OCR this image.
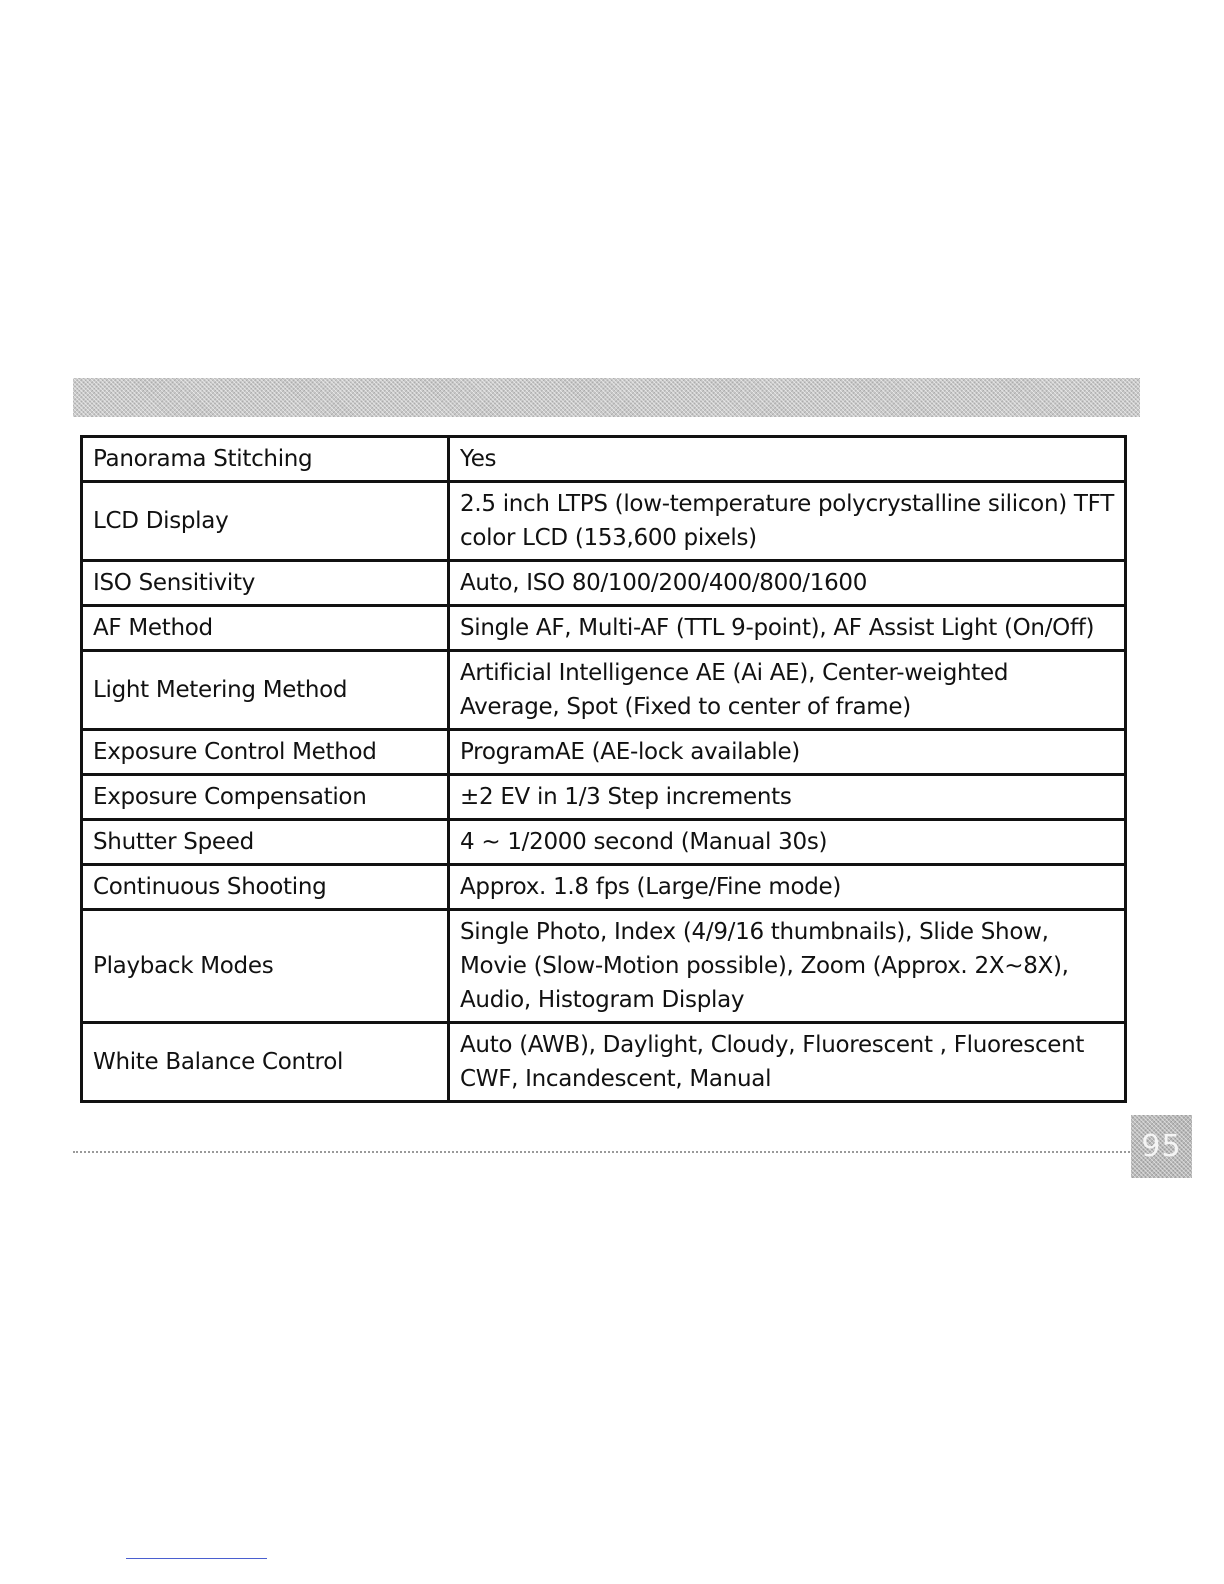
Panorama Stitching	Yes
LCD Display	2.5 inch LTPS (low-temperature polycrystalline silicon) TFT color LCD (153,600 pixels)
ISO Sensitivity	Auto, ISO 80/100/200/400/800/1600
AF Method	Single AF, Multi-AF (TTL 9-point), AF Assist Light (On/Off)
Light Metering Method	Artificial Intelligence AE (Ai AE), Center-weighted Average, Spot (Fixed to center of frame)
Exposure Control Method	ProgramAE (AE-lock available)
Exposure Compensation	±2 EV in 1/3 Step increments
Shutter Speed	4 ~ 1/2000 second (Manual 30s)
Continuous Shooting	Approx. 1.8 fps (Large/Fine mode)
Playback Modes	Single Photo, Index (4/9/16 thumbnails), Slide Show, Movie (Slow-Motion possible), Zoom (Approx. 2X~8X), Audio, Histogram Display
White Balance Control	Auto (AWB), Daylight, Cloudy, Fluorescent , Fluorescent CWF, Incandescent, Manual
95
